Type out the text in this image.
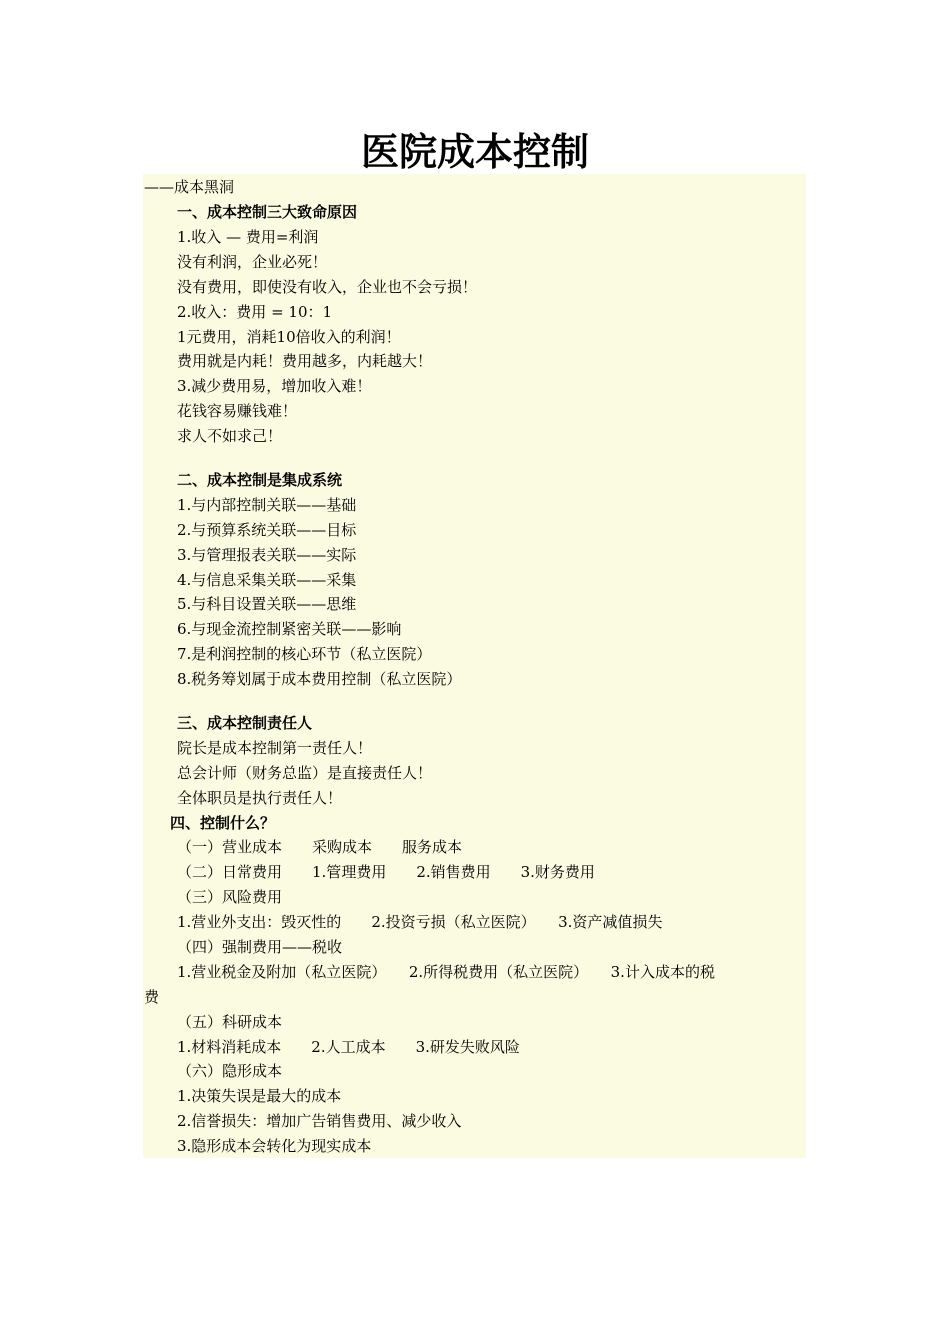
医院成本控制

——成本黑洞

一、成本控制三大致命原因

1.收入 — 费用=利润

没有利润，企业必死！

没有费用，即使没有收入，企业也不会亏损！

2.收入：费用 = 10：1

1元费用，消耗10倍收入的利润！

费用就是内耗！费用越多，内耗越大！

3.减少费用易，增加收入难！

花钱容易赚钱难！

求人不如求己！

二、成本控制是集成系统

1.与内部控制关联——基础

2.与预算系统关联——目标

3.与管理报表关联——实际

4.与信息采集关联——采集

5.与科目设置关联——思维

6.与现金流控制紧密关联——影响

7.是利润控制的核心环节（私立医院）

8.税务筹划属于成本费用控制（私立医院）

三、成本控制责任人

院长是成本控制第一责任人！

总会计师（财务总监）是直接责任人！

全体职员是执行责任人！

四、控制什么？

（一）营业成本　　采购成本　　服务成本

（二）日常费用　　1.管理费用　　2.销售费用　　3.财务费用

（三）风险费用

1.营业外支出：毁灭性的　　2.投资亏损（私立医院）　　3.资产减值损失

（四）强制费用——税收

1.营业税金及附加（私立医院）　　2.所得税费用（私立医院）　　3.计入成本的税

费

（五）科研成本

1.材料消耗成本　　2.人工成本　　3.研发失败风险

（六）隐形成本

1.决策失误是最大的成本

2.信誉损失：增加广告销售费用、减少收入

3.隐形成本会转化为现实成本
